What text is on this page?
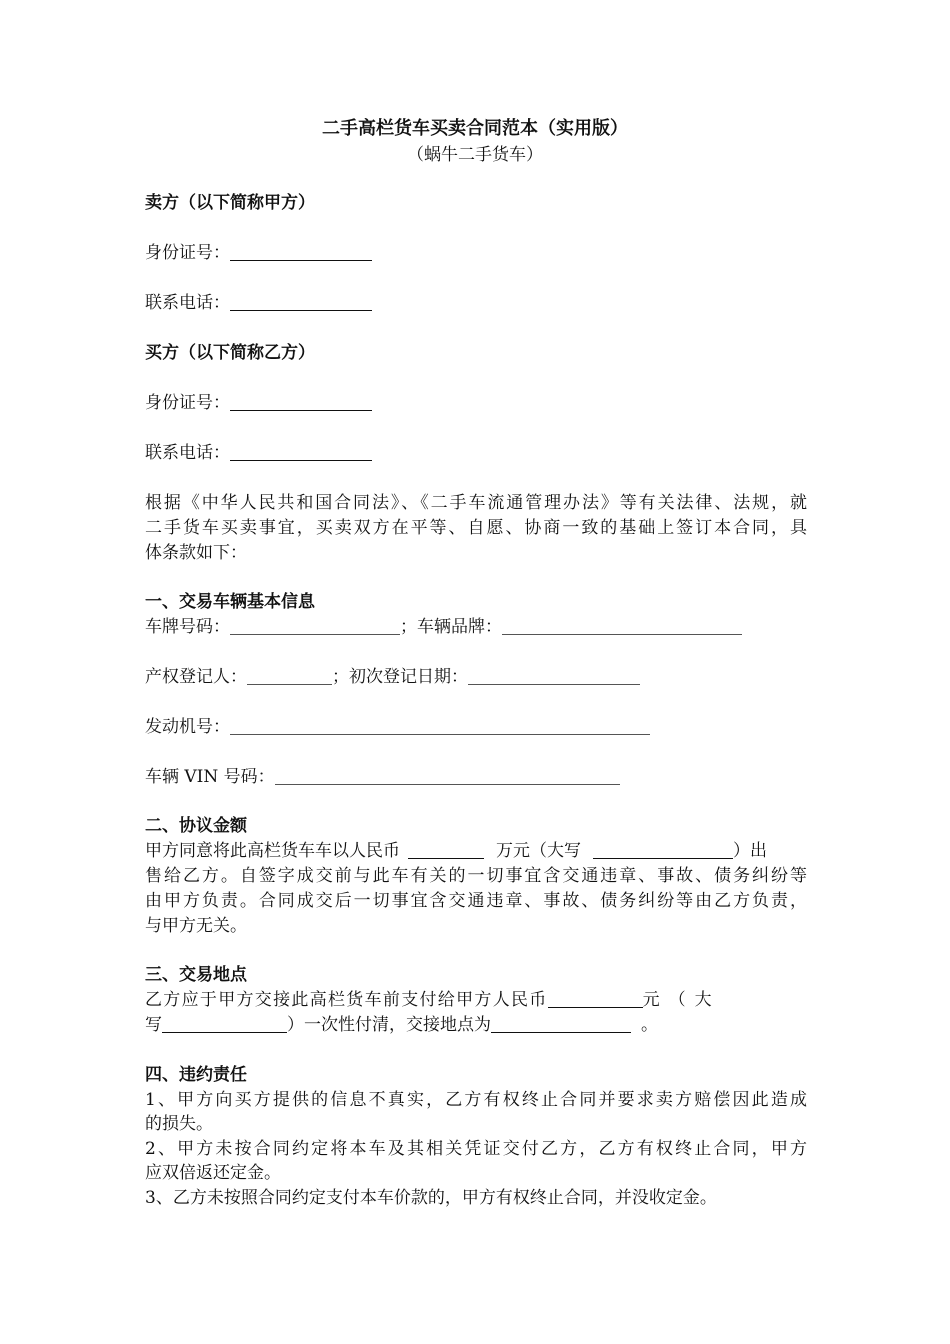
二手高栏货车买卖合同范本（实用版）
（蜗牛二手货车）
卖方（以下简称甲方）
身份证号：
联系电话：
买方（以下简称乙方）
身份证号：
联系电话：
根据《中华人民共和国合同法》、《二手车流通管理办法》等有关法律、法规，就
二手货车买卖事宜，买卖双方在平等、自愿、协商一致的基础上签订本合同，具
体条款如下：
一、交易车辆基本信息
车牌号码：	；车辆品牌：
产权登记人：	；初次登记日期：
发动机号：
车辆 VIN 号码：
二、协议金额
甲方同意将此高栏货车车以人民币	万元（大写	）出
售给乙方。自签字成交前与此车有关的一切事宜含交通违章、事故、债务纠纷等
由甲方负责。合同成交后一切事宜含交通违章、事故、债务纠纷等由乙方负责，
与甲方无关。
三、交易地点
乙方应于甲方交接此高栏货车前支付给甲方人民币	元（大
写	）一次性付清，交接地点为	。
四、违约责任
1、甲方向买方提供的信息不真实，乙方有权终止合同并要求卖方赔偿因此造成
的损失。
2、甲方未按合同约定将本车及其相关凭证交付乙方，乙方有权终止合同，甲方
应双倍返还定金。
3、乙方未按照合同约定支付本车价款的，甲方有权终止合同，并没收定金。
